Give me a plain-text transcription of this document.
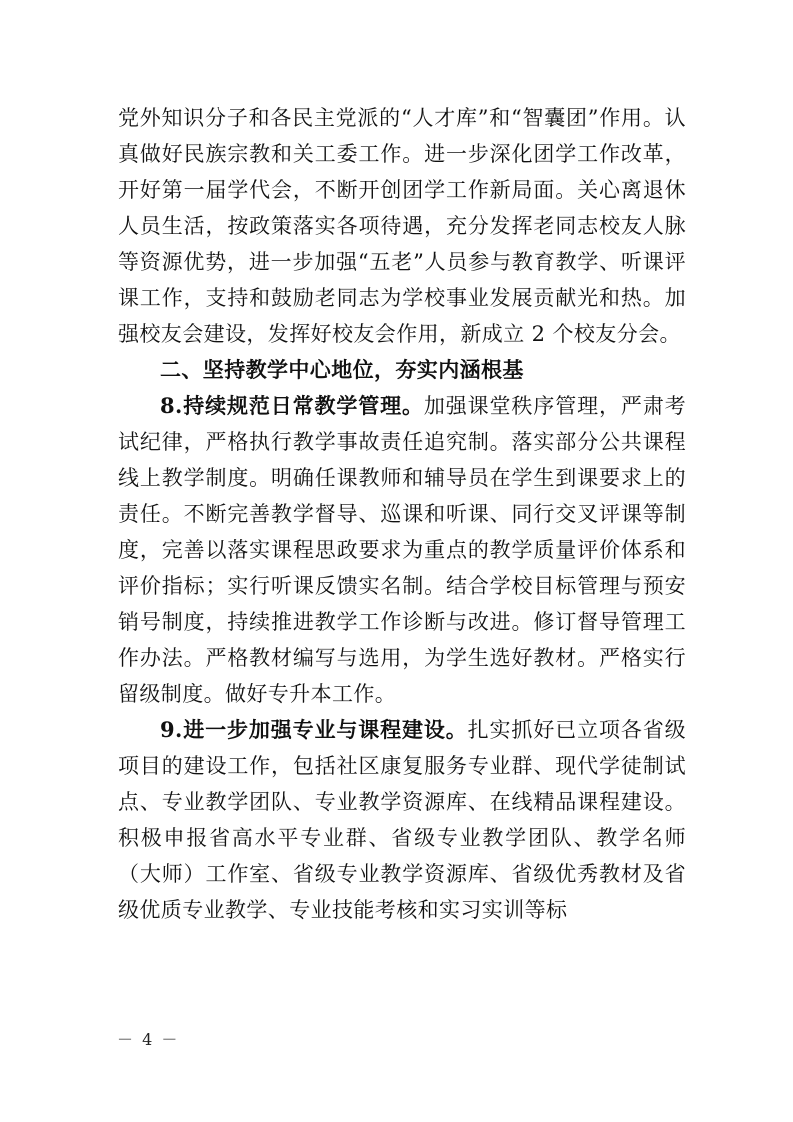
党外知识分子和各民主党派的“人才库”和“智囊团”作用。认真做好民族宗教和关工委工作。进一步深化团学工作改革，开好第一届学代会，不断开创团学工作新局面。关心离退休人员生活，按政策落实各项待遇，充分发挥老同志校友人脉等资源优势，进一步加强“五老”人员参与教育教学、听课评课工作，支持和鼓励老同志为学校事业发展贡献光和热。加强校友会建设，发挥好校友会作用，新成立 2 个校友分会。

二、坚持教学中心地位，夯实内涵根基

8.持续规范日常教学管理。加强课堂秩序管理，严肃考试纪律，严格执行教学事故责任追究制。落实部分公共课程线上教学制度。明确任课教师和辅导员在学生到课要求上的责任。不断完善教学督导、巡课和听课、同行交叉评课等制度，完善以落实课程思政要求为重点的教学质量评价体系和评价指标；实行听课反馈实名制。结合学校目标管理与预安销号制度，持续推进教学工作诊断与改进。修订督导管理工作办法。严格教材编写与选用，为学生选好教材。严格实行留级制度。做好专升本工作。

9.进一步加强专业与课程建设。扎实抓好已立项各省级项目的建设工作，包括社区康复服务专业群、现代学徒制试点、专业教学团队、专业教学资源库、在线精品课程建设。积极申报省高水平专业群、省级专业教学团队、教学名师（大师）工作室、省级专业教学资源库、省级优秀教材及省级优质专业教学、专业技能考核和实习实训等标

－ 4 －
